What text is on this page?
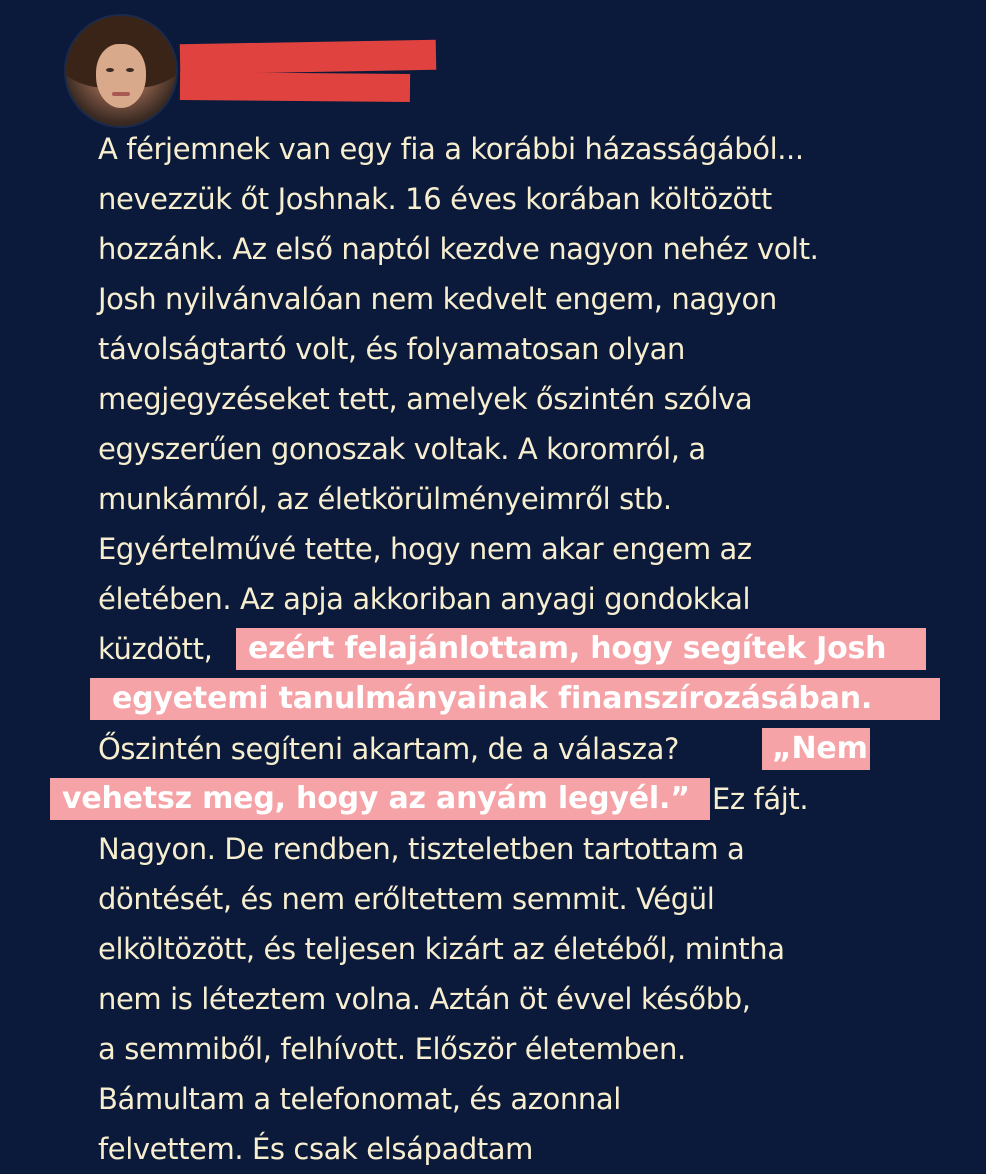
A férjemnek van egy fia a korábbi házasságából...
nevezzük őt Joshnak. 16 éves korában költözött
hozzánk. Az első naptól kezdve nagyon nehéz volt.
Josh nyilvánvalóan nem kedvelt engem, nagyon
távolságtartó volt, és folyamatosan olyan
megjegyzéseket tett, amelyek őszintén szólva
egyszerűen gonoszak voltak. A koromról, a
munkámról, az életkörülményeimről stb.
Egyértelművé tette, hogy nem akar engem az
életében. Az apja akkoriban anyagi gondokkal
küzdött,	ezért felajánlottam, hogy segítek Josh
egyetemi tanulmányainak finanszírozásában.
Őszintén segíteni akartam, de a válasza?	„Nem
vehetsz meg, hogy az anyám legyél.” Ez fájt.
Nagyon. De rendben, tiszteletben tartottam a
döntését, és nem erőltettem semmit. Végül
elköltözött, és teljesen kizárt az életéből, mintha
nem is léteztem volna. Aztán öt évvel később,
a semmiből, felhívott. Először életemben.
Bámultam a telefonomat, és azonnal
felvettem. És csak elsápadtam
